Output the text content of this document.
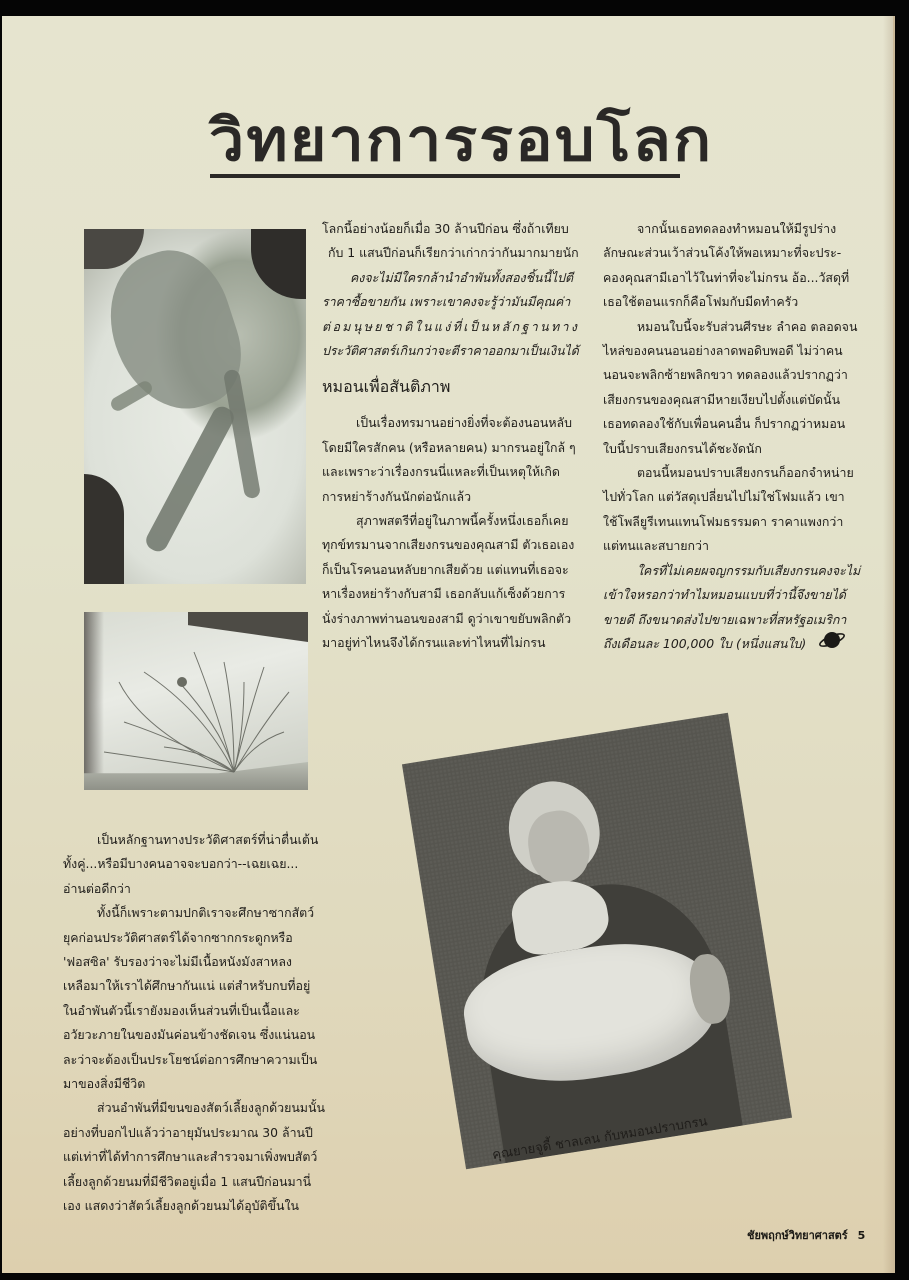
วิทยาการรอบโลก

โลกนี้อย่างน้อยก็เมื่อ 30 ล้านปีก่อน ซึ่งถ้าเทียบ

กับ 1 แสนปีก่อนก็เรียกว่าเก่ากว่ากันมากมายนัก

คงจะไม่มีใครกล้านำอำพันทั้งสองชิ้นนี้ไปตี

ราคาซื้อขายกัน เพราะเขาคงจะรู้ว่ามันมีคุณค่า

ต่อมนุษยชาติในแง่ที่เป็นหลักฐานทาง

ประวัติศาสตร์เกินกว่าจะตีราคาออกมาเป็นเงินได้

หมอนเพื่อสันติภาพ

เป็นเรื่องทรมานอย่างยิ่งที่จะต้องนอนหลับ

โดยมีใครสักคน (หรือหลายคน) มากรนอยู่ใกล้ ๆ

และเพราะว่าเรื่องกรนนี่แหละที่เป็นเหตุให้เกิด

การหย่าร้างกันนักต่อนักแล้ว

สุภาพสตรีที่อยู่ในภาพนี้ครั้งหนึ่งเธอก็เคย

ทุกข์ทรมานจากเสียงกรนของคุณสามี ตัวเธอเอง

ก็เป็นโรคนอนหลับยากเสียด้วย แต่แทนที่เธอจะ

หาเรื่องหย่าร้างกับสามี เธอกลับแก้เซ็งด้วยการ

นั่งร่างภาพท่านอนของสามี ดูว่าเขาขยับพลิกตัว

มาอยู่ท่าไหนจึงได้กรนและท่าไหนที่ไม่กรน

จากนั้นเธอทดลองทำหมอนให้มีรูปร่าง

ลักษณะส่วนเว้าส่วนโค้งให้พอเหมาะที่จะประ-

คองคุณสามีเอาไว้ในท่าที่จะไม่กรน อ้อ...วัสดุที่

เธอใช้ตอนแรกก็คือโฟมกับมีดทำครัว

หมอนใบนี้จะรับส่วนศีรษะ ลำคอ ตลอดจน

ไหล่ของคนนอนอย่างลาดพอดิบพอดี ไม่ว่าคน

นอนจะพลิกซ้ายพลิกขวา ทดลองแล้วปรากฏว่า

เสียงกรนของคุณสามีหายเงียบไปตั้งแต่บัดนั้น

เธอทดลองใช้กับเพื่อนคนอื่น ก็ปรากฏว่าหมอน

ใบนี้ปราบเสียงกรนได้ชะงัดนัก

ตอนนี้หมอนปราบเสียงกรนก็ออกจำหน่าย

ไปทั่วโลก แต่วัสดุเปลี่ยนไปไม่ใช่โฟมแล้ว เขา

ใช้โพลียูรีเทนแทนโฟมธรรมดา ราคาแพงกว่า

แต่ทนและสบายกว่า

ใครที่ไม่เคยผจญกรรมกับเสียงกรนคงจะไม่

เข้าใจหรอกว่าทำไมหมอนแบบที่ว่านี้จึงขายได้

ขายดี ถึงขนาดส่งไปขายเฉพาะที่สหรัฐอเมริกา

ถึงเดือนละ 100,000 ใบ (หนึ่งแสนใบ)

เป็นหลักฐานทางประวัติศาสตร์ที่น่าตื่นเต้น

ทั้งคู่...หรือมีบางคนอาจจะบอกว่า--เฉยเฉย...

อ่านต่อดีกว่า

ทั้งนี้ก็เพราะตามปกติเราจะศึกษาซากสัตว์

ยุคก่อนประวัติศาสตร์ได้จากซากกระดูกหรือ

'ฟอสซิล' รับรองว่าจะไม่มีเนื้อหนังมังสาหลง

เหลือมาให้เราได้ศึกษากันแน่ แต่สำหรับกบที่อยู่

ในอำพันตัวนี้เรายังมองเห็นส่วนที่เป็นเนื้อและ

อวัยวะภายในของมันค่อนข้างชัดเจน ซึ่งแน่นอน

ละว่าจะต้องเป็นประโยชน์ต่อการศึกษาความเป็น

มาของสิ่งมีชีวิต

ส่วนอำพันที่มีขนของสัตว์เลี้ยงลูกด้วยนมนั้น

อย่างที่บอกไปแล้วว่าอายุมันประมาณ 30 ล้านปี

แต่เท่าที่ได้ทำการศึกษาและสำรวจมาเพิ่งพบสัตว์

เลี้ยงลูกด้วยนมที่มีชีวิตอยู่เมื่อ 1 แสนปีก่อนมานี่

เอง แสดงว่าสัตว์เลี้ยงลูกด้วยนมได้อุบัติขึ้นใน

คุณยายจูดี้ ชาลเลน กับหมอนปราบกรน
ชัยพฤกษ์วิทยาศาสตร์ 5
